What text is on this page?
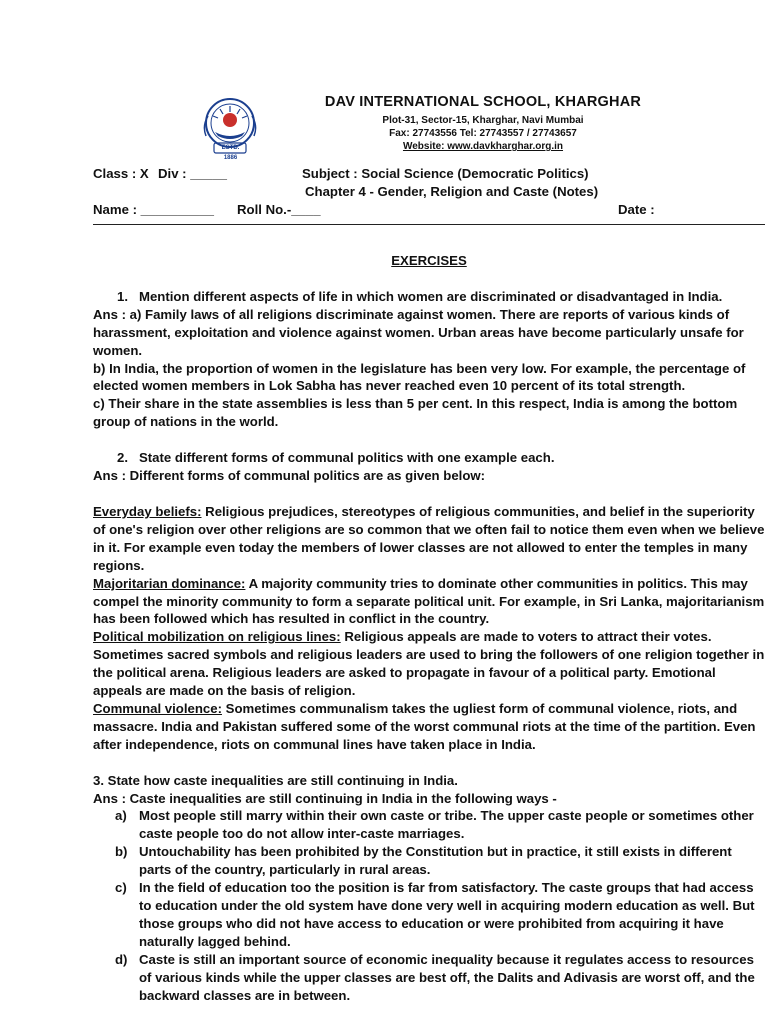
ESTD. 1886
DAV INTERNATIONAL SCHOOL, KHARGHAR
Plot-31, Sector-15, Kharghar, Navi Mumbai
Fax: 27743556 Tel: 27743557 / 27743657
Website: www.davkharghar.org.in
Class : X Div : _____	Subject : Social Science (Democratic Politics)
Chapter 4 - Gender, Religion and Caste (Notes)
Name : __________ Roll No.-____	Date :
EXERCISES

1.   Mention different aspects of life in which women are discriminated or disadvantaged in India.

Ans : a) Family laws of all religions discriminate against women. There are reports of various kinds of harassment, exploitation and violence against women. Urban areas have become particularly unsafe for women.

b) In India, the proportion of women in the legislature has been very low. For example, the percentage of elected women members in Lok Sabha has never reached even 10 percent of its total strength.

c) Their share in the state assemblies is less than 5 per cent. In this respect, India is among the bottom group of nations in the world.

2.   State different forms of communal politics with one example each.

Ans : Different forms of communal politics are as given below:

Everyday beliefs: Religious prejudices, stereotypes of religious communities, and belief in the superiority of one's religion over other religions are so common that we often fail to notice them even when we believe in it. For example even today the members of lower classes are not allowed to enter the temples in many regions.

Majoritarian dominance: A majority community tries to dominate other communities in politics. This may compel the minority community to form a separate political unit. For example, in Sri Lanka, majoritarianism has been followed which has resulted in conflict in the country.

Political mobilization on religious lines: Religious appeals are made to voters to attract their votes. Sometimes sacred symbols and religious leaders are used to bring the followers of one religion together in the political arena. Religious leaders are asked to propagate in favour of a political party. Emotional appeals are made on the basis of religion.

Communal violence: Sometimes communalism takes the ugliest form of communal violence, riots, and massacre. India and Pakistan suffered some of the worst communal riots at the time of the partition. Even after independence, riots on communal lines have taken place in India.

3. State how caste inequalities are still continuing in India.

Ans : Caste inequalities are still continuing in India in the following ways -

a) Most people still marry within their own caste or tribe. The upper caste people or sometimes other caste people too do not allow inter-caste marriages.
b) Untouchability has been prohibited by the Constitution but in practice, it still exists in different parts of the country, particularly in rural areas.
c) In the field of education too the position is far from satisfactory. The caste groups that had access to education under the old system have done very well in acquiring modern education as well. But those groups who did not have access to education or were prohibited from acquiring it have naturally lagged behind.
d) Caste is still an important source of economic inequality because it regulates access to resources of various kinds while the upper classes are best off, the Dalits and Adivasis are worst off, and the backward classes are in between.
